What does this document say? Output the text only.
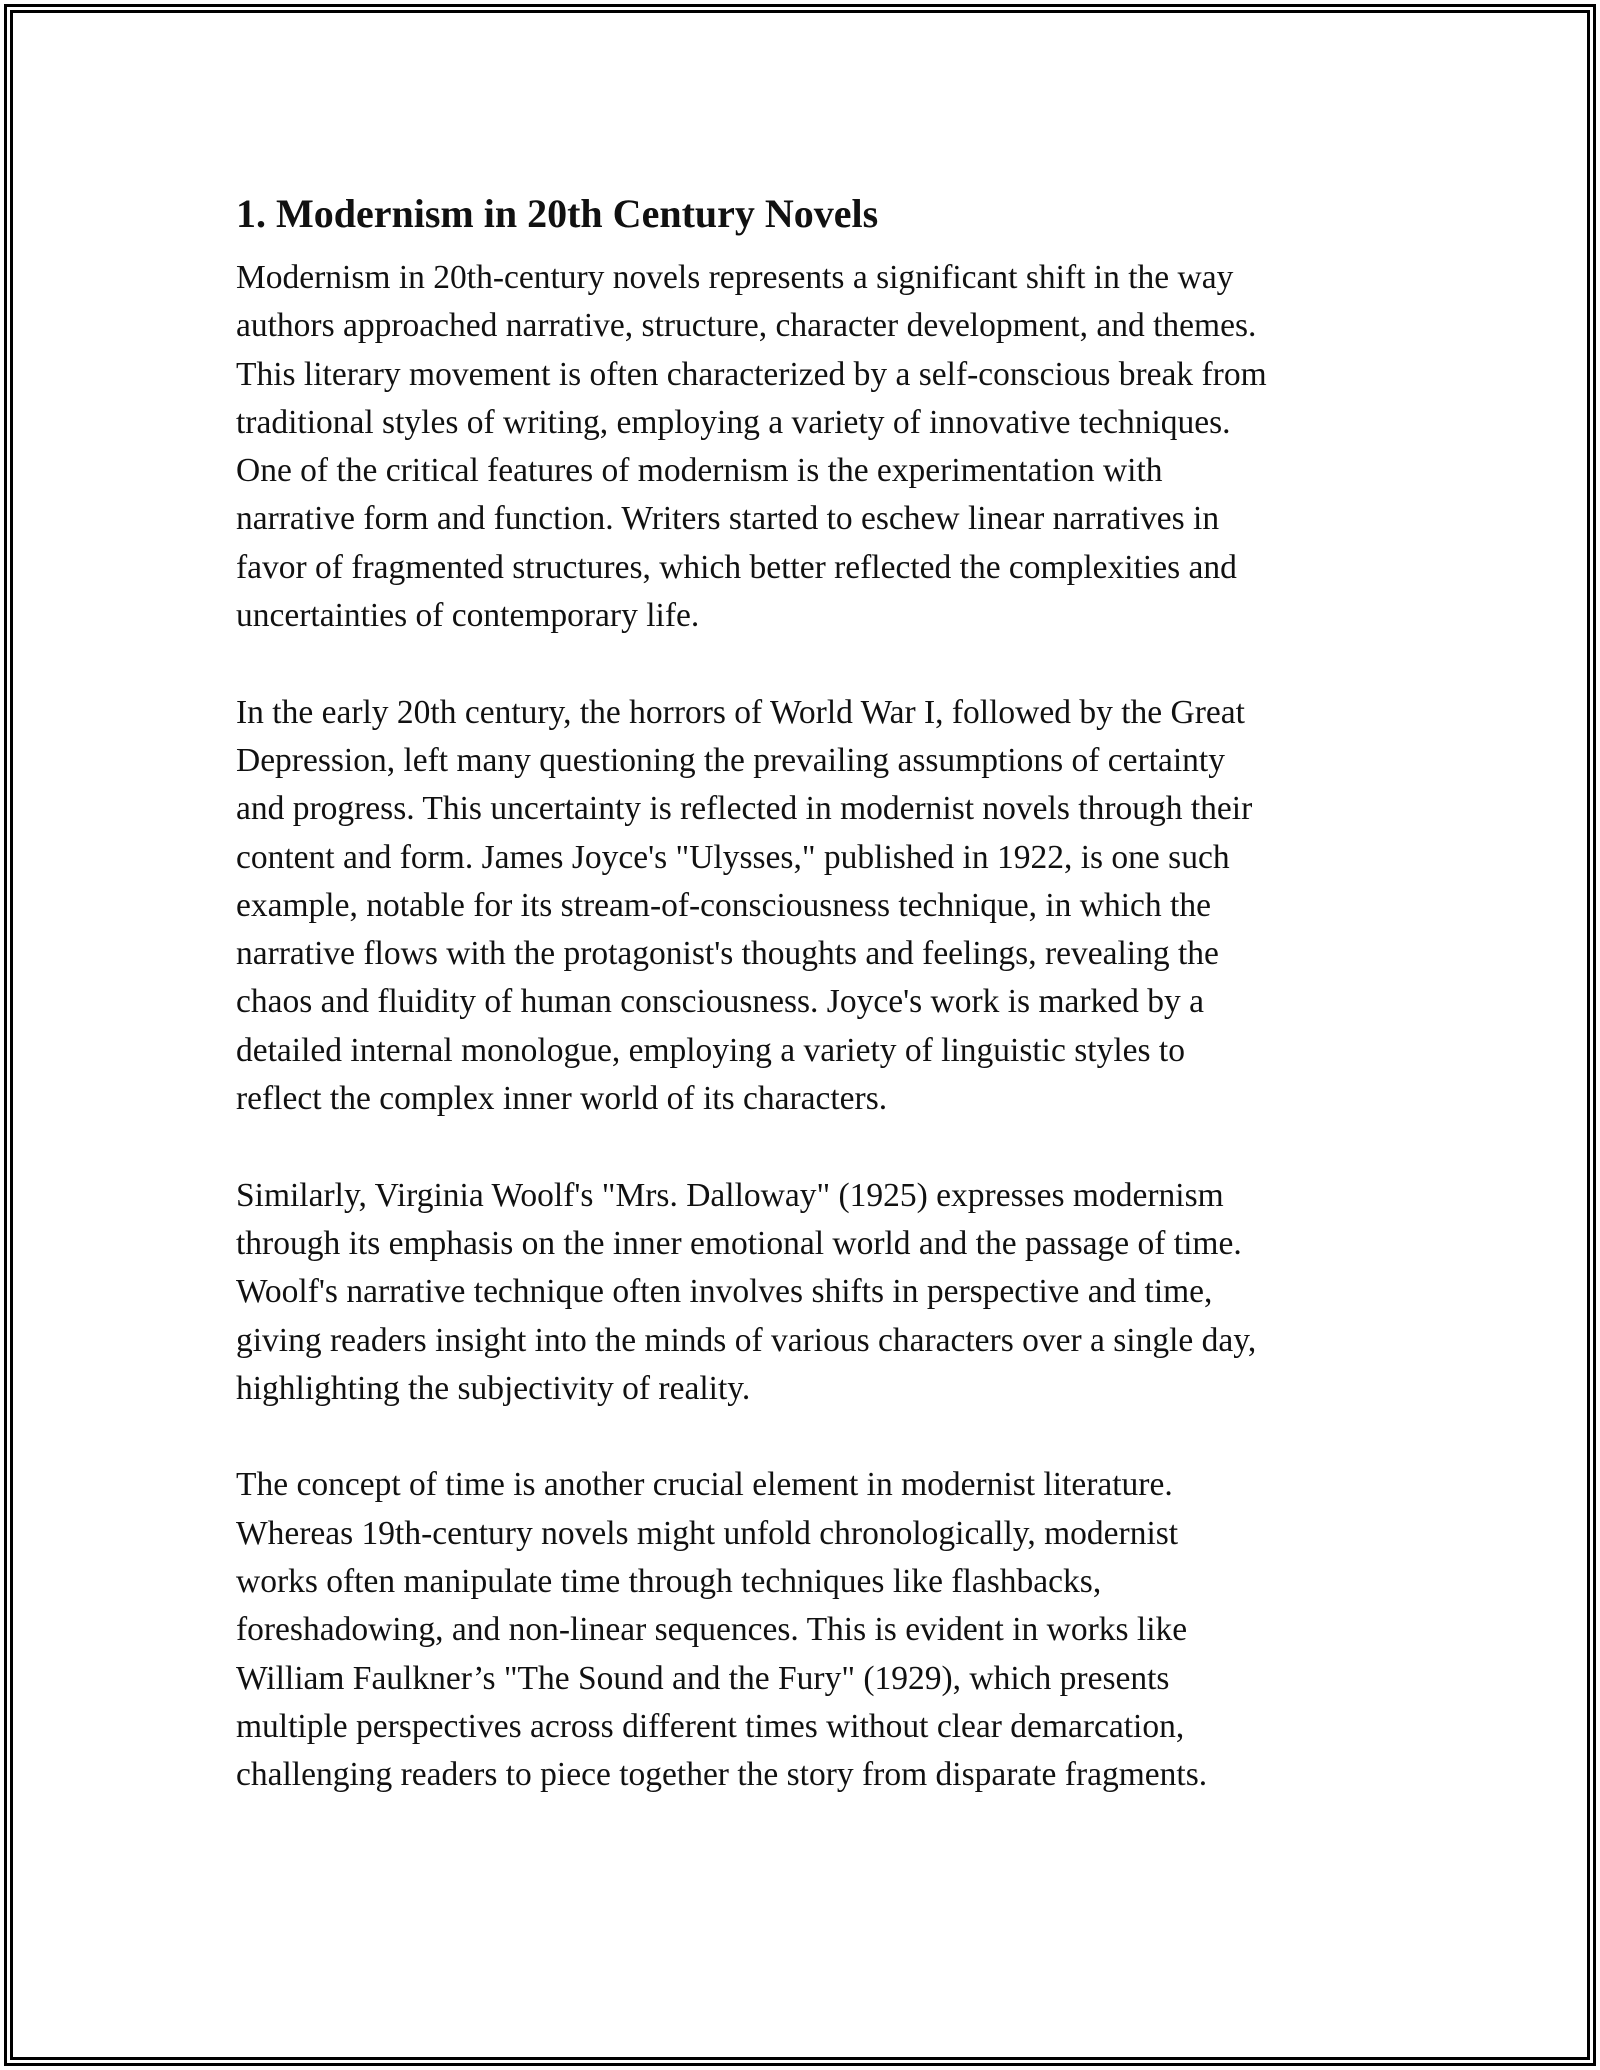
1. Modernism in 20th Century Novels
Modernism in 20th-century novels represents a significant shift in the way
authors approached narrative, structure, character development, and themes.
This literary movement is often characterized by a self-conscious break from
traditional styles of writing, employing a variety of innovative techniques.
One of the critical features of modernism is the experimentation with
narrative form and function. Writers started to eschew linear narratives in
favor of fragmented structures, which better reflected the complexities and
uncertainties of contemporary life.
In the early 20th century, the horrors of World War I, followed by the Great
Depression, left many questioning the prevailing assumptions of certainty
and progress. This uncertainty is reflected in modernist novels through their
content and form. James Joyce's "Ulysses," published in 1922, is one such
example, notable for its stream-of-consciousness technique, in which the
narrative flows with the protagonist's thoughts and feelings, revealing the
chaos and fluidity of human consciousness. Joyce's work is marked by a
detailed internal monologue, employing a variety of linguistic styles to
reflect the complex inner world of its characters.
Similarly, Virginia Woolf's "Mrs. Dalloway" (1925) expresses modernism
through its emphasis on the inner emotional world and the passage of time.
Woolf's narrative technique often involves shifts in perspective and time,
giving readers insight into the minds of various characters over a single day,
highlighting the subjectivity of reality.
The concept of time is another crucial element in modernist literature.
Whereas 19th-century novels might unfold chronologically, modernist
works often manipulate time through techniques like flashbacks,
foreshadowing, and non-linear sequences. This is evident in works like
William Faulkner’s "The Sound and the Fury" (1929), which presents
multiple perspectives across different times without clear demarcation,
challenging readers to piece together the story from disparate fragments.
